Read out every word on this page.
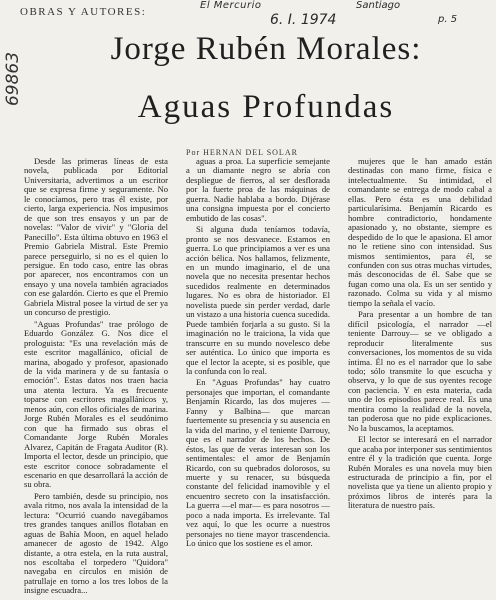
OBRAS Y AUTORES:
El Mercurio
6. I. 1974
Santiago
p. 5
69863
Jorge Rubén Morales:
Aguas Profundas
Por HERNAN DEL SOLAR

Desde las primeras líneas de esta novela, publicada por Editorial Universitaria, advertimos a un escritor que se expresa firme y seguramente. No le conocíamos, pero tras él existe, por cierto, larga experiencia. Nos impusimos de que son tres ensayos y un par de novelas: "Valor de vivir" y "Gloria del Panecillo". Esta última obtuvo en 1963 el Premio Gabriela Mistral. Este Premio parece perseguirlo, si no es el quien lo persigue. En todo caso, entre las obras por aparecer, nos encontramos con un ensayo y una novela también agraciados con ese galardón. Cierto es que el Premio Gabriela Mistral posee la virtud de ser ya un concurso de prestigio.

"Aguas Profundas" trae prólogo de Eduardo González G. Nos dice el prologuista: "Es una revelación más de este escritor magallánico, oficial de marina, abogado y profesor, apasionado de la vida marinera y de su fantasía o emoción". Estas datos nos traen hacia una atenta lectura. Ya es frecuente toparse con escritores magallánicos y, menos aún, con ellos oficiales de marina. Jorge Rubén Morales es el seudónimo con que ha firmado sus obras el Comandante Jorge Rubén Morales Alvarez, Capitán de Fragata Auditor (R). Importa el lector, desde un principio, que este escritor conoce sobradamente el escenario en que desarrollará la acción de su obra.

Pero también, desde su principio, nos avala ritmo, nos avala la intensidad de la lectura: "Ocurrió cuando navegábamos tres grandes tanques anillos flotaban en aguas de Bahía Moon, en aquel helado amanecer de agosto de 1942. Algo distante, a otra estela, en la ruta austral, nos escoltaba el torpedero "Quidora" navegaba en círculos en misión de patrullaje en torno a los tres lobos de la insigne escuadra...

aguas a proa. La superficie semejante a un diamante negro se abría con despliegue de fierros, al ser desflorada por la fuerte proa de las máquinas de guerra. Nadie hablaba a bordo. Dijérase una consigna impuesta por el concierto embutido de las cosas".

Si alguna duda teníamos todavía, pronto se nos desvanece. Estamos en guerra. Lo que principiamos a ver es una acción bélica. Nos hallamos, felizmente, en un mundo imaginario, el de una novela que no necesita presentar hechos sucedidos realmente en determinados lugares. No es obra de historiador. El novelista puede sin perder verdad, darle un vistazo a una historia cuenca sucedida. Puede también forjarla a su gusto. Si la imaginación no le traiciona, la vida que transcurre en su mundo novelesco debe ser auténtica. Lo único que importa es que el lector la acepte, si es posible, que la confunda con lo real.

En "Aguas Profundas" hay cuatro personajes que importan, el comandante Benjamín Ricardo, las dos mujeres —Fanny y Balbina— que marcan fuertemente su presencia y su ausencia en la vida del marino, y el teniente Darrouy, que es el narrador de los hechos. De éstos, las que de veras interesan son los sentimentales: el amor de Benjamín Ricardo, con su quebrados dolorosos, su muerte y su renacer, su búsqueda constante del felicidad inamovible y el encuentro secreto con la insatisfacción. La guerra —el mar— es para nosotros —poco a nada importa. Es irrelevante. Tal vez aquí, lo que les ocurre a nuestros personajes no tiene mayor trascendencia. Lo único que los sostiene es el amor.

mujeres que le han amado están destinadas con mano firme, física e intelectualmente. Su intimidad, el comandante se entrega de modo cabal a ellas. Pero ésta es una debilidad particularísima. Benjamín Ricardo es hombre contradictorio, hondamente apasionado y, no obstante, siempre es despedido de lo que le apasiona. El amor no le retiene sino con intensidad. Sus mismos sentimientos, para él, se confunden con sus otras muchas virtudes, más desconocidas de él. Sabe que se fugan como una ola. Es un ser sentido y razonado. Colma su vida y al mismo tiempo la señala el vacío.

Para presentar a un hombre de tan difícil psicología, el narrador —el teniente Darrouy— se ve obligado a reproducir literalmente sus conversaciones, los momentos de su vida íntima. Él no es el narrador que lo sabe todo; sólo transmite lo que escucha y observa, y lo que de sus oyentes recoge con paciencia. Y en esta materia, cada uno de los episodios parece real. Es una mentira como la realidad de la novela, tan poderosa que no pide explicaciones. No la buscamos, la aceptamos.

El lector se interesará en el narrador que acaba por interponer sus sentimientos entre él y la tradición que cuenta. Jorge Rubén Morales es una novela muy bien estructurada de principio a fin, por el novelista que ya tiene un aliento propio y próximos libros de interés para la literatura de nuestro país.
